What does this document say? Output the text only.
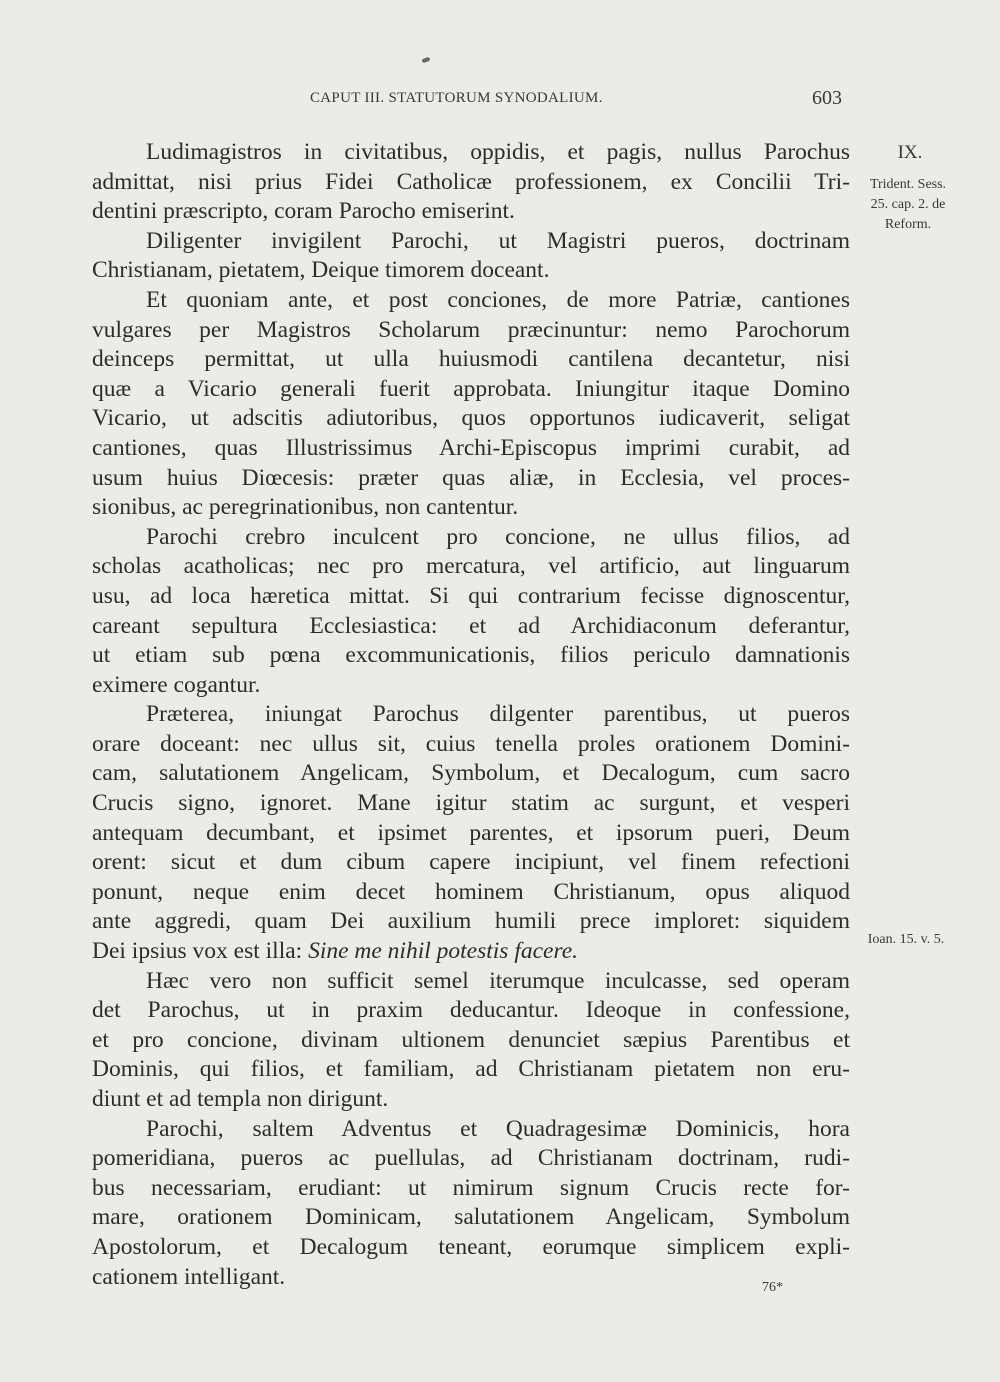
CAPUT III. STATUTORUM SYNODALIUM.	603
IX.
Trident. Sess.
25. cap. 2. de
Reform.
Ioan. 15. v. 5.
Ludimagistros in civitatibus, oppidis, et pagis, nullus Parochus
admittat, nisi prius Fidei Catholicæ professionem, ex Concilii Tri-
dentini præscripto, coram Parocho emiserint.
Diligenter invigilent Parochi, ut Magistri pueros, doctrinam
Christianam, pietatem, Deique timorem doceant.
Et quoniam ante, et post conciones, de more Patriæ, cantiones
vulgares per Magistros Scholarum præcinuntur: nemo Parochorum
deinceps permittat, ut ulla huiusmodi cantilena decantetur, nisi
quæ a Vicario generali fuerit approbata. Iniungitur itaque Domino
Vicario, ut adscitis adiutoribus, quos opportunos iudicaverit, seligat
cantiones, quas Illustrissimus Archi-Episcopus imprimi curabit, ad
usum huius Diœcesis: præter quas aliæ, in Ecclesia, vel proces-
sionibus, ac peregrinationibus, non cantentur.
Parochi crebro inculcent pro concione, ne ullus filios, ad
scholas acatholicas; nec pro mercatura, vel artificio, aut linguarum
usu, ad loca hæretica mittat. Si qui contrarium fecisse dignoscentur,
careant sepultura Ecclesiastica: et ad Archidiaconum deferantur,
ut etiam sub pœna excommunicationis, filios periculo damnationis
eximere cogantur.
Præterea, iniungat Parochus dilgenter parentibus, ut pueros
orare doceant: nec ullus sit, cuius tenella proles orationem Domini-
cam, salutationem Angelicam, Symbolum, et Decalogum, cum sacro
Crucis signo, ignoret. Mane igitur statim ac surgunt, et vesperi
antequam decumbant, et ipsimet parentes, et ipsorum pueri, Deum
orent: sicut et dum cibum capere incipiunt, vel finem refectioni
ponunt, neque enim decet hominem Christianum, opus aliquod
ante aggredi, quam Dei auxilium humili prece imploret: siquidem
Dei ipsius vox est illa: Sine me nihil potestis facere.
Hæc vero non sufficit semel iterumque inculcasse, sed operam
det Parochus, ut in praxim deducantur. Ideoque in confessione,
et pro concione, divinam ultionem denunciet sæpius Parentibus et
Dominis, qui filios, et familiam, ad Christianam pietatem non eru-
diunt et ad templa non dirigunt.
Parochi, saltem Adventus et Quadragesimæ Dominicis, hora
pomeridiana, pueros ac puellulas, ad Christianam doctrinam, rudi-
bus necessariam, erudiant: ut nimirum signum Crucis recte for-
mare, orationem Dominicam, salutationem Angelicam, Symbolum
Apostolorum, et Decalogum teneant, eorumque simplicem expli-
cationem intelligant.	76*
